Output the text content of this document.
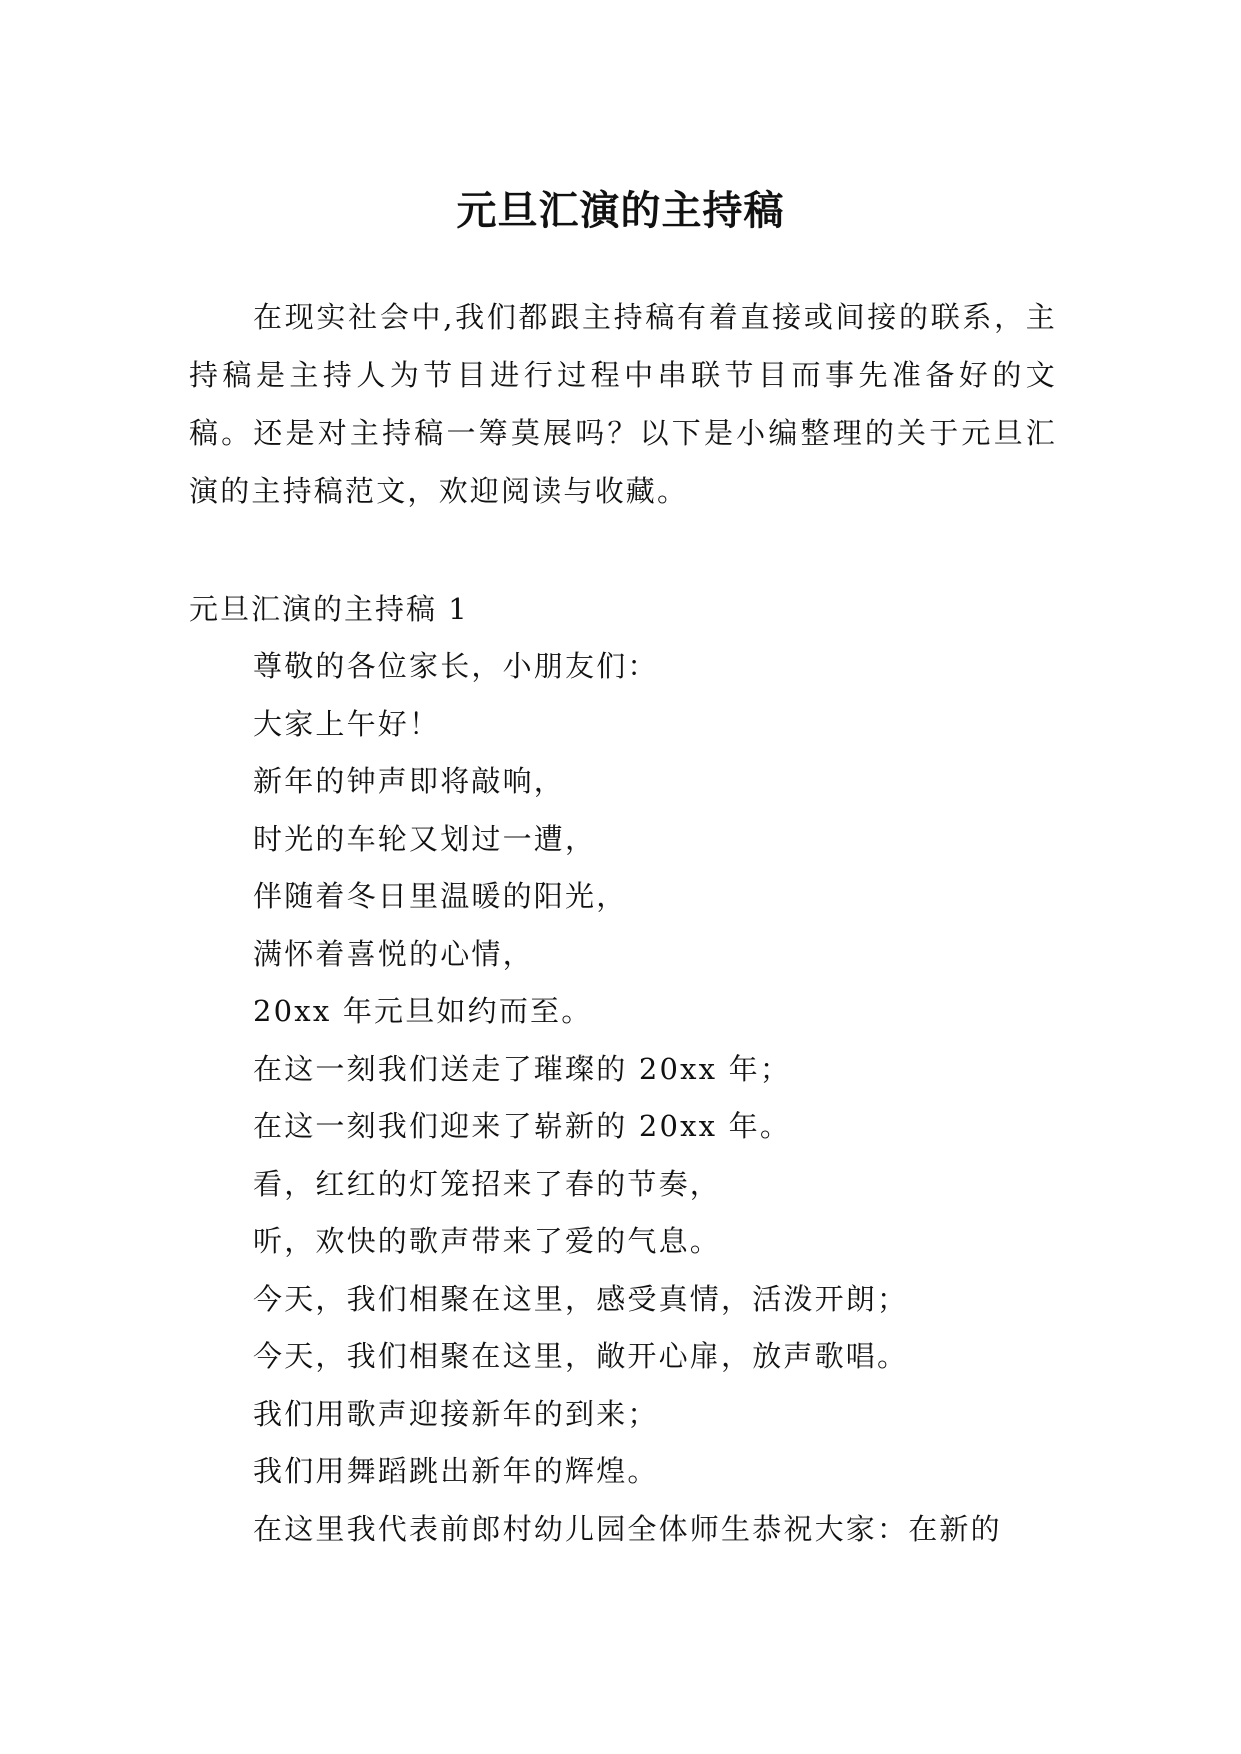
元旦汇演的主持稿

在现实社会中,我们都跟主持稿有着直接或间接的联系，主持稿是主持人为节目进行过程中串联节目而事先准备好的文稿。还是对主持稿一筹莫展吗？以下是小编整理的关于元旦汇演的主持稿范文，欢迎阅读与收藏。

元旦汇演的主持稿 1

尊敬的各位家长，小朋友们：
大家上午好！
新年的钟声即将敲响，
时光的车轮又划过一遭，
伴随着冬日里温暖的阳光，
满怀着喜悦的心情，
20xx 年元旦如约而至。
在这一刻我们送走了璀璨的 20xx 年；
在这一刻我们迎来了崭新的 20xx 年。
看，红红的灯笼招来了春的节奏，
听，欢快的歌声带来了爱的气息。
今天，我们相聚在这里，感受真情，活泼开朗；
今天，我们相聚在这里，敞开心扉，放声歌唱。
我们用歌声迎接新年的到来；
我们用舞蹈跳出新年的辉煌。
在这里我代表前郎村幼儿园全体师生恭祝大家：在新的
